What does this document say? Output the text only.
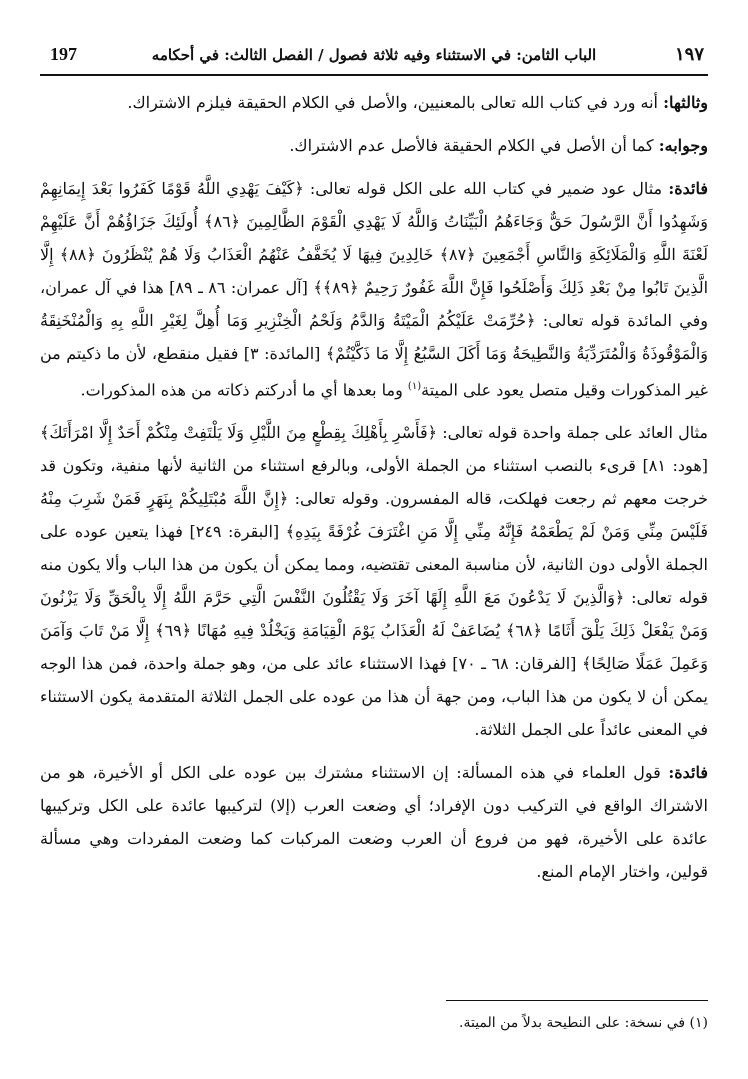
197	الباب الثامن: في الاستثناء وفيه ثلاثة فصول / الفصل الثالث: في أحكامه	١٩٧

وثالثها: أنه ورد في كتاب الله تعالى بالمعنيين، والأصل في الكلام الحقيقة فيلزم الاشتراك.

وجوابه: كما أن الأصل في الكلام الحقيقة فالأصل عدم الاشتراك.

فائدة: مثال عود ضمير في كتاب الله على الكل قوله تعالى: ﴿كَيْفَ يَهْدِي اللَّهُ قَوْمًا كَفَرُوا بَعْدَ إِيمَانِهِمْ وَشَهِدُوا أَنَّ الرَّسُولَ حَقٌّ وَجَاءَهُمُ الْبَيِّنَاتُ وَاللَّهُ لَا يَهْدِي الْقَوْمَ الظَّالِمِينَ ﴿٨٦﴾ أُولَئِكَ جَزَاؤُهُمْ أَنَّ عَلَيْهِمْ لَعْنَةَ اللَّهِ وَالْمَلَائِكَةِ وَالنَّاسِ أَجْمَعِينَ ﴿٨٧﴾ خَالِدِينَ فِيهَا لَا يُخَفَّفُ عَنْهُمُ الْعَذَابُ وَلَا هُمْ يُنْظَرُونَ ﴿٨٨﴾ إِلَّا الَّذِينَ تَابُوا مِنْ بَعْدِ ذَلِكَ وَأَصْلَحُوا فَإِنَّ اللَّهَ غَفُورٌ رَحِيمٌ ﴿٨٩﴾﴾ [آل عمران: ٨٦ ـ ٨٩] هذا في آل عمران، وفي المائدة قوله تعالى: ﴿حُرِّمَتْ عَلَيْكُمُ الْمَيْتَةُ وَالدَّمُ وَلَحْمُ الْخِنْزِيرِ وَمَا أُهِلَّ لِغَيْرِ اللَّهِ بِهِ وَالْمُنْخَنِقَةُ وَالْمَوْقُوذَةُ وَالْمُتَرَدِّيَةُ وَالنَّطِيحَةُ وَمَا أَكَلَ السَّبُعُ إِلَّا مَا ذَكَّيْتُمْ﴾ [المائدة: ٣] فقيل منقطع، لأن ما ذكيتم من غير المذكورات وقيل متصل يعود على الميتة$^{(١)}$ وما بعدها أي ما أدركتم ذكاته من هذه المذكورات.

مثال العائد على جملة واحدة قوله تعالى: ﴿فَأَسْرِ بِأَهْلِكَ بِقِطْعٍ مِنَ اللَّيْلِ وَلَا يَلْتَفِتْ مِنْكُمْ أَحَدٌ إِلَّا امْرَأَتَكَ﴾ [هود: ٨١] قرىء بالنصب استثناء من الجملة الأولى، وبالرفع استثناء من الثانية لأنها منفية، وتكون قد خرجت معهم ثم رجعت فهلكت، قاله المفسرون. وقوله تعالى: ﴿إِنَّ اللَّهَ مُبْتَلِيكُمْ بِنَهَرٍ فَمَنْ شَرِبَ مِنْهُ فَلَيْسَ مِنِّي وَمَنْ لَمْ يَطْعَمْهُ فَإِنَّهُ مِنِّي إِلَّا مَنِ اغْتَرَفَ غُرْفَةً بِيَدِهِ﴾ [البقرة: ٢٤٩] فهذا يتعين عوده على الجملة الأولى دون الثانية، لأن مناسبة المعنى تقتضيه، ومما يمكن أن يكون من هذا الباب وألا يكون منه قوله تعالى: ﴿وَالَّذِينَ لَا يَدْعُونَ مَعَ اللَّهِ إِلَهًا آخَرَ وَلَا يَقْتُلُونَ النَّفْسَ الَّتِي حَرَّمَ اللَّهُ إِلَّا بِالْحَقِّ وَلَا يَزْنُونَ وَمَنْ يَفْعَلْ ذَلِكَ يَلْقَ أَثَامًا ﴿٦٨﴾ يُضَاعَفْ لَهُ الْعَذَابُ يَوْمَ الْقِيَامَةِ وَيَخْلُدْ فِيهِ مُهَانًا ﴿٦٩﴾ إِلَّا مَنْ تَابَ وَآمَنَ وَعَمِلَ عَمَلًا صَالِحًا﴾ [الفرقان: ٦٨ ـ ٧٠] فهذا الاستثناء عائد على من، وهو جملة واحدة، فمن هذا الوجه يمكن أن لا يكون من هذا الباب، ومن جهة أن هذا من عوده على الجمل الثلاثة المتقدمة يكون الاستثناء في المعنى عائداً على الجمل الثلاثة.

فائدة: قول العلماء في هذه المسألة: إن الاستثناء مشترك بين عوده على الكل أو الأخيرة، هو من الاشتراك الواقع في التركيب دون الإفراد؛ أي وضعت العرب (إلا) لتركيبها عائدة على الكل وتركيبها عائدة على الأخيرة، فهو من فروع أن العرب وضعت المركبات كما وضعت المفردات وهي مسألة قولين، واختار الإمام المنع.

(١) في نسخة: على النطيحة بدلاً من الميتة.
